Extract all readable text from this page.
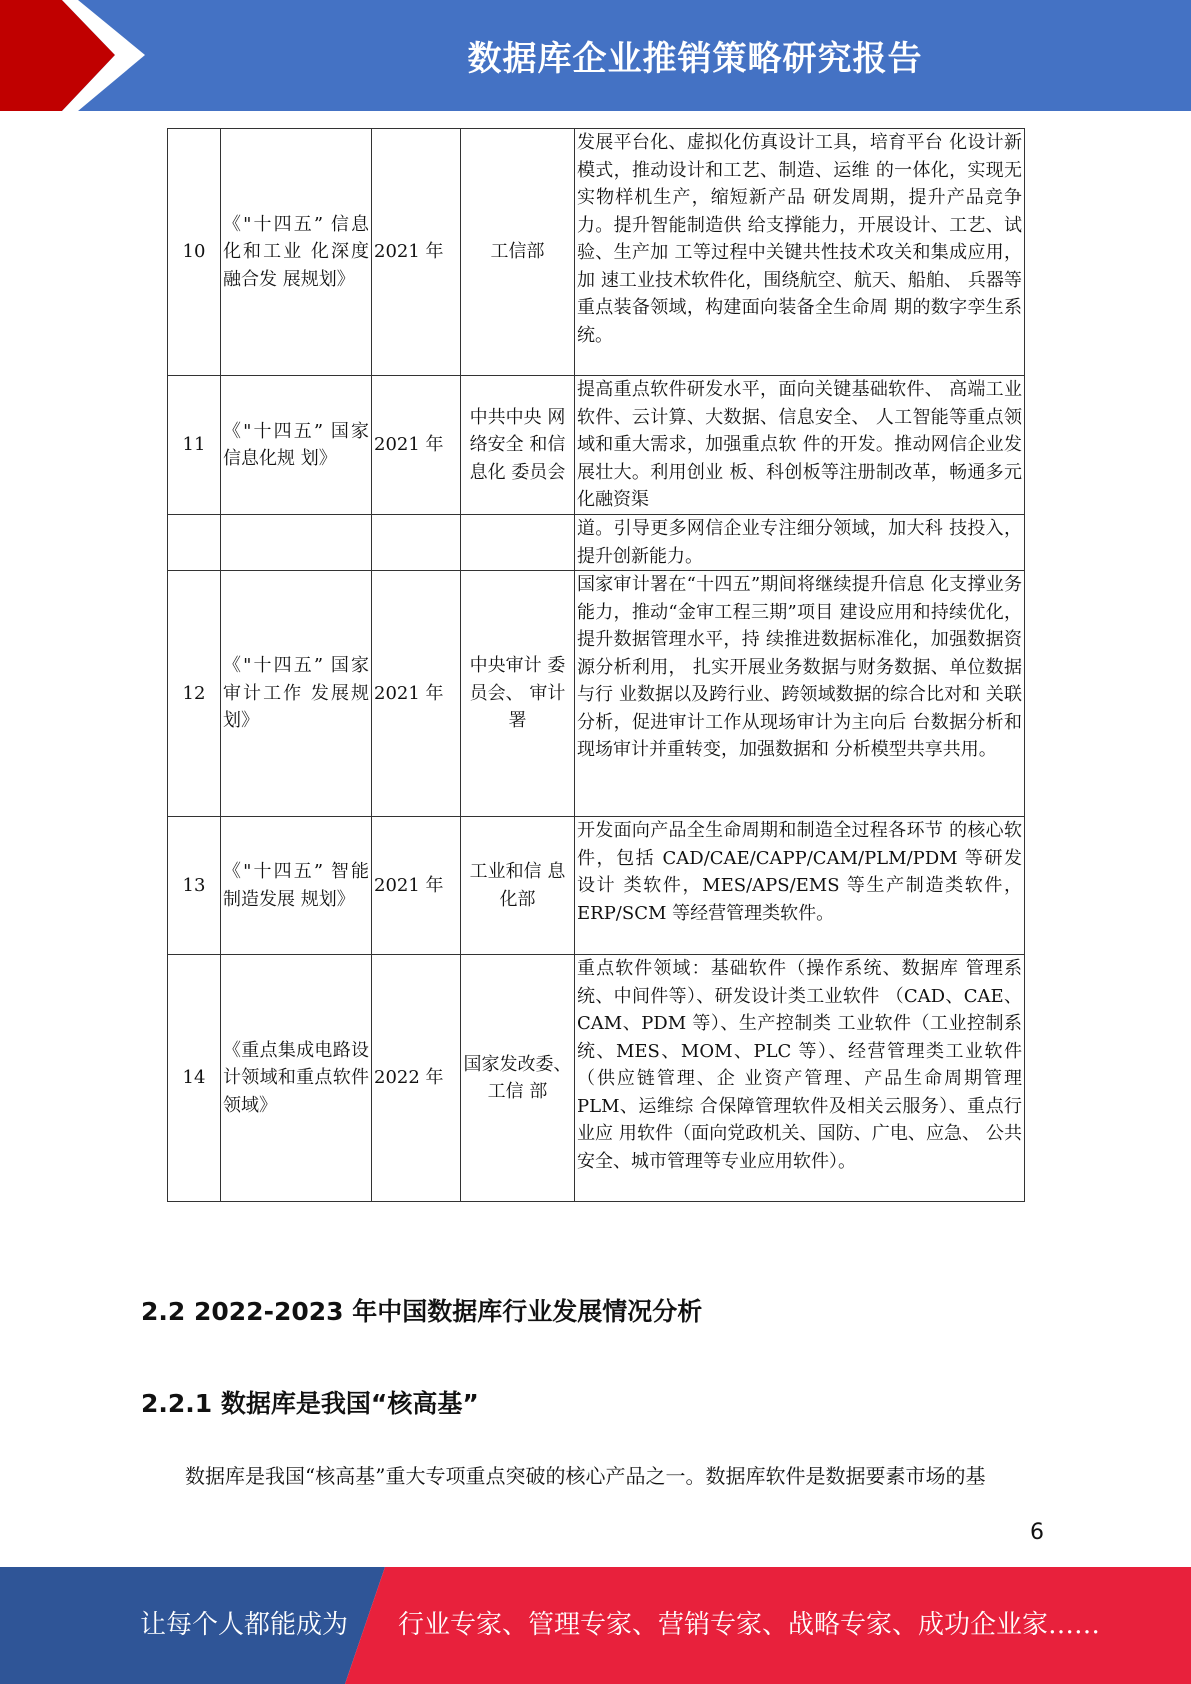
数据库企业推销策略研究报告
10	《"十四五” 信息化和工业 化深度融合发 展规划》	2021 年	工信部	发展平台化、虚拟化仿真设计工具，培育平台 化设计新模式，推动设计和工艺、制造、运维 的一体化，实现无实物样机生产，缩短新产品 研发周期，提升产品竞争力。提升智能制造供 给支撑能力，开展设计、工艺、试验、生产加 工等过程中关键共性技术攻关和集成应用，加 速工业技术软件化，围绕航空、航天、船舶、 兵器等重点装备领域，构建面向装备全生命周 期的数字孪生系统。
11	《"十四五” 国家信息化规 划》	2021 年	中共中央 网络安全 和信息化 委员会	提高重点软件研发水平，面向关键基础软件、 高端工业软件、云计算、大数据、信息安全、 人工智能等重点领域和重大需求，加强重点软 件的开发。推动网信企业发展壮大。利用创业 板、科创板等注册制改革，畅通多元化融资渠
				道。引导更多网信企业专注细分领域，加大科 技投入，提升创新能力。
12	《"十四五” 国家审计工作 发展规划》	2021 年	中央审计 委员会、 审计署	国家审计署在“十四五”期间将继续提升信息 化支撑业务能力，推动“金审工程三期”项目 建设应用和持续优化，提升数据管理水平，持 续推进数据标准化，加强数据资源分析利用， 扎实开展业务数据与财务数据、单位数据与行 业数据以及跨行业、跨领域数据的综合比对和 关联分析，促进审计工作从现场审计为主向后 台数据分析和现场审计并重转变，加强数据和 分析模型共享共用。
13	《"十四五” 智能制造发展 规划》	2021 年	工业和信 息化部	开发面向产品全生命周期和制造全过程各环节 的核心软件，包括 CAD/CAE/CAPP/CAM/PLM/PDM 等研发设计 类软件，MES/APS/EMS 等生产制造类软件， ERP/SCM 等经营管理类软件。
14	《重点集成电路设计领域和重点软件领域》	2022 年	国家发改委、工信 部	重点软件领域：基础软件（操作系统、数据库 管理系统、中间件等）、研发设计类工业软件 （CAD、CAE、CAM、PDM 等）、生产控制类 工业软件（工业控制系统、MES、MOM、PLC 等）、经营管理类工业软件（供应链管理、企 业资产管理、产品生命周期管理 PLM、运维综 合保障管理软件及相关云服务）、重点行业应 用软件（面向党政机关、国防、广电、应急、 公共安全、城市管理等专业应用软件）。
2.2 2022-2023 年中国数据库行业发展情况分析
2.2.1 数据库是我国“核高基”
数据库是我国“核高基”重大专项重点突破的核心产品之一。数据库软件是数据要素市场的基
6
让每个人都能成为 行业专家、管理专家、营销专家、战略专家、成功企业家……
